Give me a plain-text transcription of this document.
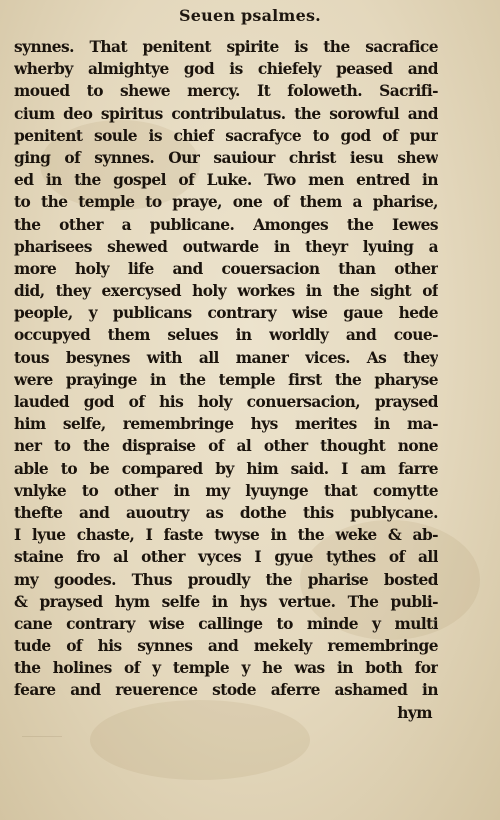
Seuen psalmes.
synnes. That penitent spirite is the sacrafice
wherby almightye god is chiefely peased and
moued to shewe mercy. It foloweth. Sacrifi-
cium deo spiritus contribulatus. the sorowful and
penitent soule is chief sacrafyce to god of pur
ging of synnes. Our sauiour christ iesu shew
ed in the gospel of Luke. Two men entred in
to the temple to praye, one of them a pharise,
the other a publicane. Amonges the Iewes
pharisees shewed outwarde in theyr lyuing a
more holy life and couersacion than other
did, they exercysed holy workes in the sight of
people, y publicans contrary wise gaue hede
occupyed them selues in worldly and coue-
tous besynes with all maner vices. As they
were prayinge in the temple first the pharyse
lauded god of his holy conuersacion, praysed
him selfe, remembringe hys merites in ma-
ner to the dispraise of al other thought none
able to be compared by him said. I am farre
vnlyke to other in my lyuynge that comytte
thefte and auoutry as dothe this publycane.
I lyue chaste, I faste twyse in the weke & ab-
staine fro al other vyces I gyue tythes of all
my goodes. Thus proudly the pharise bosted
& praysed hym selfe in hys vertue. The publi-
cane contrary wise callinge to minde y multi
tude of his synnes and mekely remembringe
the holines of y temple y he was in both for
feare and reuerence stode aferre ashamed in
hym
